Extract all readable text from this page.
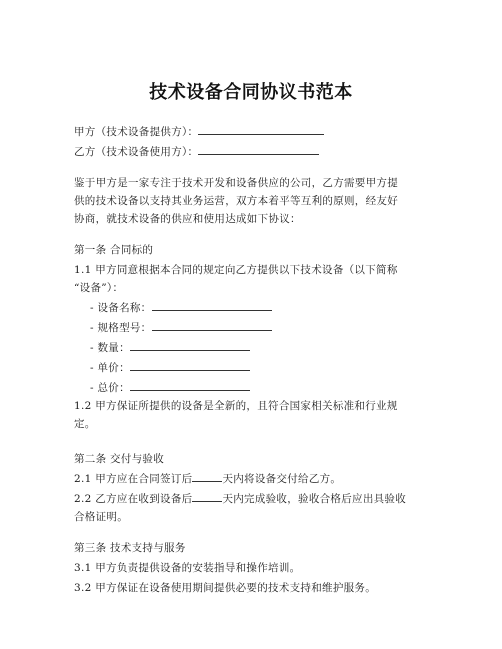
技术设备合同协议书范本
甲方（技术设备提供方）：
乙方（技术设备使用方）：
鉴于甲方是一家专注于技术开发和设备供应的公司，乙方需要甲方提
供的技术设备以支持其业务运营，双方本着平等互利的原则，经友好
协商，就技术设备的供应和使用达成如下协议：
第一条 合同标的
1.1 甲方同意根据本合同的规定向乙方提供以下技术设备（以下简称
“设备”）：
- 设备名称：
- 规格型号：
- 数量：
- 单价：
- 总价：
1.2 甲方保证所提供的设备是全新的，且符合国家相关标准和行业规
定。
第二条 交付与验收
2.1 甲方应在合同签订后	天内将设备交付给乙方。
2.2 乙方应在收到设备后	天内完成验收，验收合格后应出具验收
合格证明。
第三条 技术支持与服务
3.1 甲方负责提供设备的安装指导和操作培训。
3.2 甲方保证在设备使用期间提供必要的技术支持和维护服务。
